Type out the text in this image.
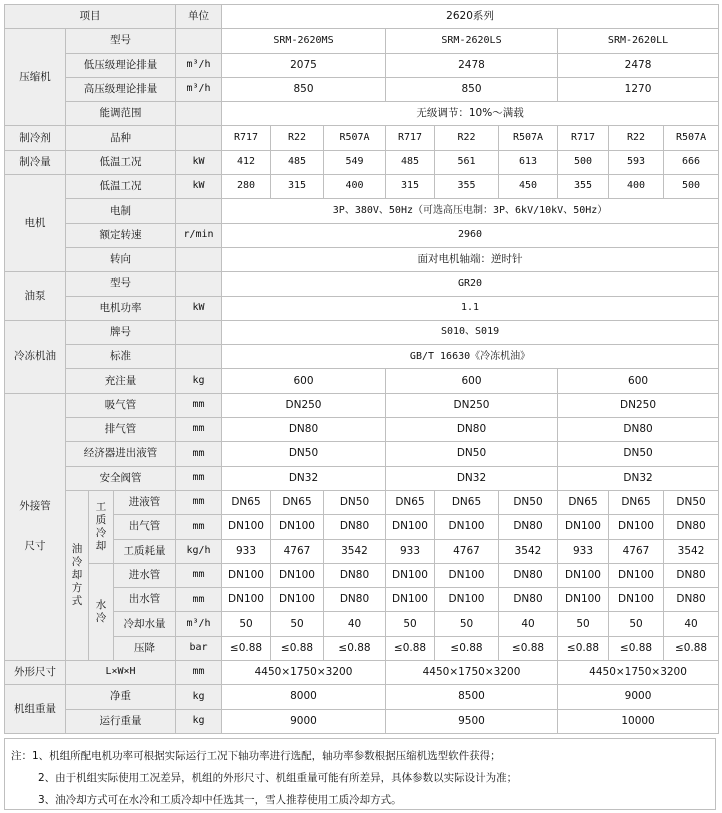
项目	单位	2620系列
压缩机	型号		SRM-2620MS	SRM-2620LS	SRM-2620LL
低压级理论排量	m³/h	2075	2478	2478
高压级理论排量	m³/h	850	850	1270
能调范围		无级调节：10%～满载
制冷剂	品种		R717	R22	R507A	R717	R22	R507A	R717	R22	R507A
制冷量	低温工况	kW	412	485	549	485	561	613	500	593	666
电机	低温工况	kW	280	315	400	315	355	450	355	400	500
电制		3P、380V、50Hz（可选高压电制：3P、6kV/10kV、50Hz）
额定转速	r/min	2960
转向		面对电机轴端：逆时针
油泵	型号		GR20
电机功率	kW	1.1
冷冻机油	牌号		S010、S019
标准		GB/T 16630《冷冻机油》
充注量	kg	600	600	600
外接管

尺寸	吸气管	mm	DN250	DN250	DN250
排气管	mm	DN80	DN80	DN80
经济器进出液管	mm	DN50	DN50	DN50
安全阀管	mm	DN32	DN32	DN32
油
冷
却
方
式	工
质
冷
却	进液管	mm	DN65	DN65	DN50	DN65	DN65	DN50	DN65	DN65	DN50
出气管	mm	DN100	DN100	DN80	DN100	DN100	DN80	DN100	DN100	DN80
工质耗量	kg/h	933	4767	3542	933	4767	3542	933	4767	3542
水
冷	进水管	mm	DN100	DN100	DN80	DN100	DN100	DN80	DN100	DN100	DN80
出水管	mm	DN100	DN100	DN80	DN100	DN100	DN80	DN100	DN100	DN80
冷却水量	m³/h	50	50	40	50	50	40	50	50	40
压降	bar	≤0.88	≤0.88	≤0.88	≤0.88	≤0.88	≤0.88	≤0.88	≤0.88	≤0.88
外形尺寸	L×W×H	mm	4450×1750×3200	4450×1750×3200	4450×1750×3200
机组重量	净重	kg	8000	8500	9000
运行重量	kg	9000	9500	10000
注：1、机组所配电机功率可根据实际运行工况下轴功率进行选配，轴功率参数根据压缩机选型软件获得；
2、由于机组实际使用工况差异，机组的外形尺寸、机组重量可能有所差异，具体参数以实际设计为准；
3、油冷却方式可在水冷和工质冷却中任选其一，雪人推荐使用工质冷却方式。
